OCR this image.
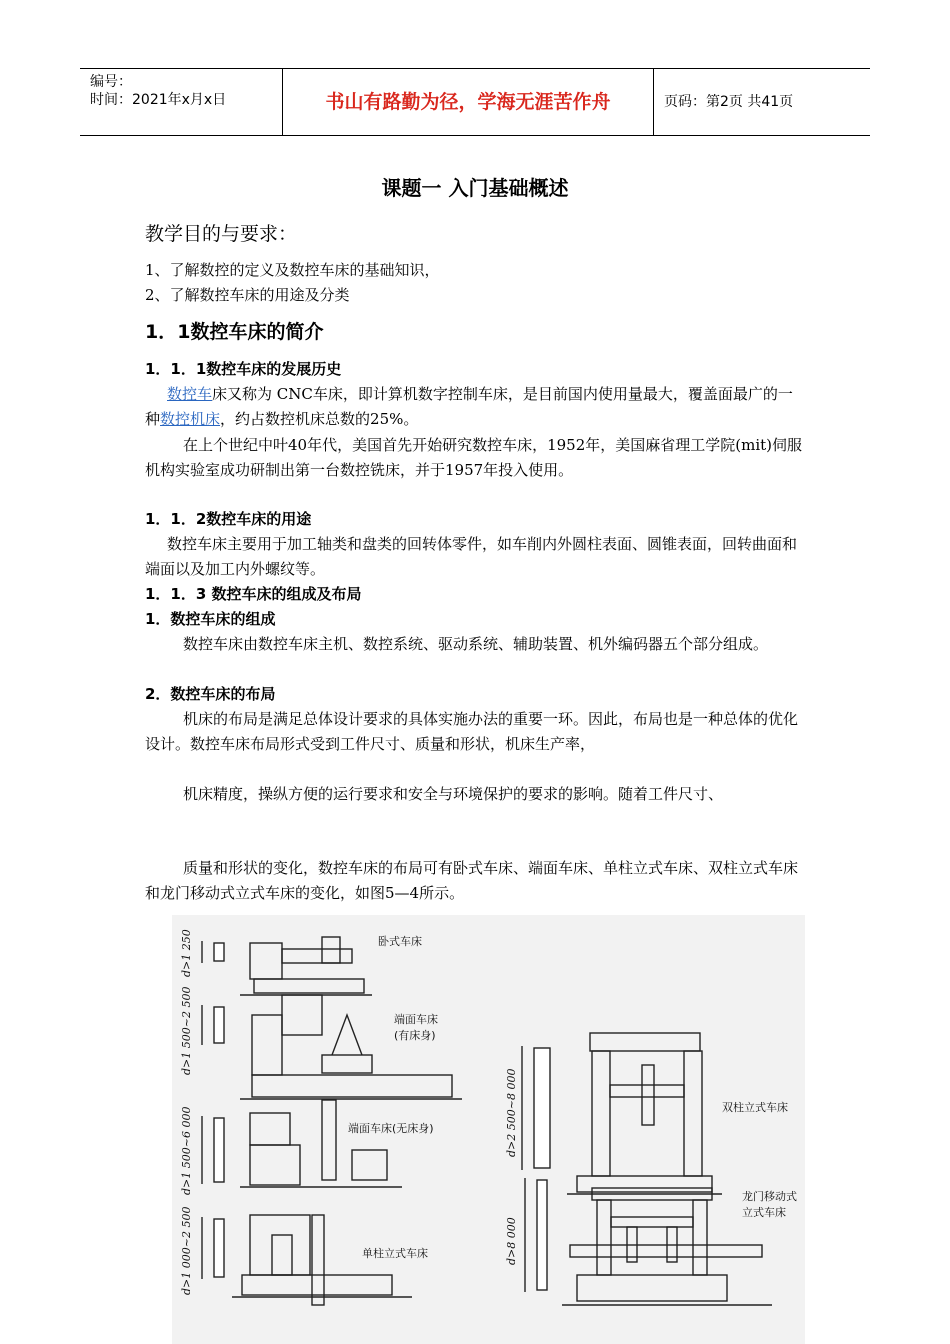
编号：
时间：2021年x月x日	书山有路勤为径，学海无涯苦作舟	页码：第2页 共41页
课题一 入门基础概述
教学目的与要求：
1、了解数控的定义及数控车床的基础知识，
2、了解数控车床的用途及分类
1．1数控车床的简介
1．1．1数控车床的发展历史
数控车床又称为 CNC车床，即计算机数字控制车床，是目前国内使用量最大，覆盖面最广的一种数控机床，约占数控机床总数的25%。
在上个世纪中叶40年代，美国首先开始研究数控车床，1952年，美国麻省理工学院(mit)伺服机构实验室成功研制出第一台数控铣床，并于1957年投入使用。
1．1．2数控车床的用途
数控车床主要用于加工轴类和盘类的回转体零件，如车削内外圆柱表面、圆锥表面，回转曲面和端面以及加工内外螺纹等。
1．1．3 数控车床的组成及布局
1．数控车床的组成
数控车床由数控车床主机、数控系统、驱动系统、辅助装置、机外编码器五个部分组成。
2．数控车床的布局
机床的布局是满足总体设计要求的具体实施办法的重要一环。因此，布局也是一种总体的优化设计。数控车床布局形式受到工件尺寸、质量和形状，机床生产率，
机床精度，操纵方便的运行要求和安全与环境保护的要求的影响。随着工件尺寸、
质量和形状的变化，数控车床的布局可有卧式车床、端面车床、单柱立式车床、双柱立式车床和龙门移动式立式车床的变化，如图5—4所示。
卧式车床
端面车床
(有床身)
端面车床(无床身)
单柱立式车床
双柱立式车床
龙门移动式
立式车床
d>1 250
d>1 500~2 500
d>1 500~6 000
d>1 000~2 500
d>2 500~8 000
d>8 000
